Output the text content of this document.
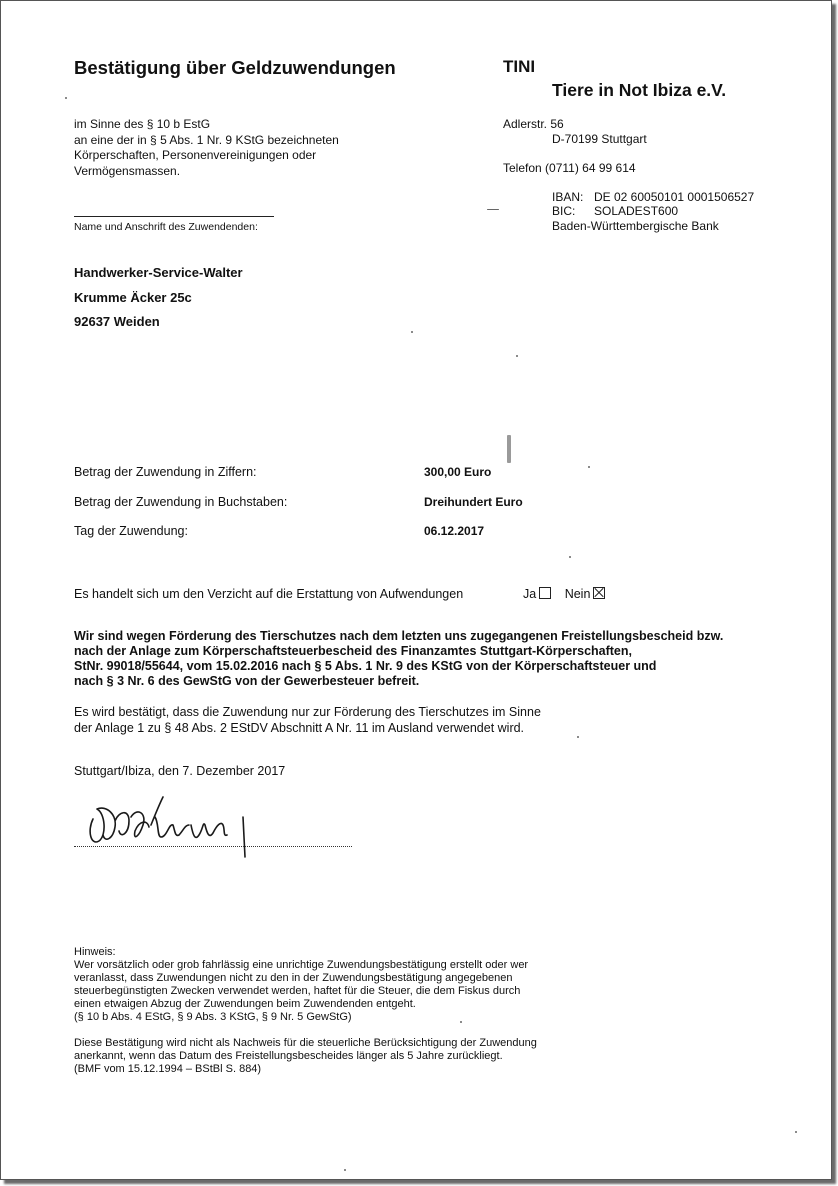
Bestätigung über Geldzuwendungen	TINI
Tiere in Not Ibiza e.V.
im Sinne des § 10 b EstG
an eine der in § 5 Abs. 1 Nr. 9 KStG bezeichneten
Körperschaften, Personenvereinigungen oder
Vermögensmassen.
Adlerstr. 56
D-70199 Stuttgart
Telefon (0711) 64 99 614
IBAN: DE 02 60050101 0001506527
BIC: SOLADEST600
Baden-Württembergische Bank
Name und Anschrift des Zuwendenden:
Handwerker-Service-Walter
Krumme Äcker 25c
92637 Weiden
Betrag der Zuwendung in Ziffern:	300,00 Euro
Betrag der Zuwendung in Buchstaben:	Dreihundert Euro
Tag der Zuwendung:	06.12.2017
Es handelt sich um den Verzicht auf die Erstattung von Aufwendungen	Ja Nein
Wir sind wegen Förderung des Tierschutzes nach dem letzten uns zugegangenen Freistellungsbescheid bzw.
nach der Anlage zum Körperschaftsteuerbescheid des Finanzamtes Stuttgart-Körperschaften,
StNr. 99018/55644, vom 15.02.2016 nach § 5 Abs. 1 Nr. 9 des KStG von der Körperschaftsteuer und
nach § 3 Nr. 6 des GewStG von der Gewerbesteuer befreit.
Es wird bestätigt, dass die Zuwendung nur zur Förderung des Tierschutzes im Sinne
der Anlage 1 zu § 48 Abs. 2 EStDV Abschnitt A Nr. 11 im Ausland verwendet wird.
Stuttgart/Ibiza, den 7. Dezember 2017
Hinweis:
Wer vorsätzlich oder grob fahrlässig eine unrichtige Zuwendungsbestätigung erstellt oder wer
veranlasst, dass Zuwendungen nicht zu den in der Zuwendungsbestätigung angegebenen
steuerbegünstigten Zwecken verwendet werden, haftet für die Steuer, die dem Fiskus durch
einen etwaigen Abzug der Zuwendungen beim Zuwendenden entgeht.
(§ 10 b Abs. 4 EStG, § 9 Abs. 3 KStG, § 9 Nr. 5 GewStG)
Diese Bestätigung wird nicht als Nachweis für die steuerliche Berücksichtigung der Zuwendung
anerkannt, wenn das Datum des Freistellungsbescheides länger als 5 Jahre zurückliegt.
(BMF vom 15.12.1994 – BStBl S. 884)
